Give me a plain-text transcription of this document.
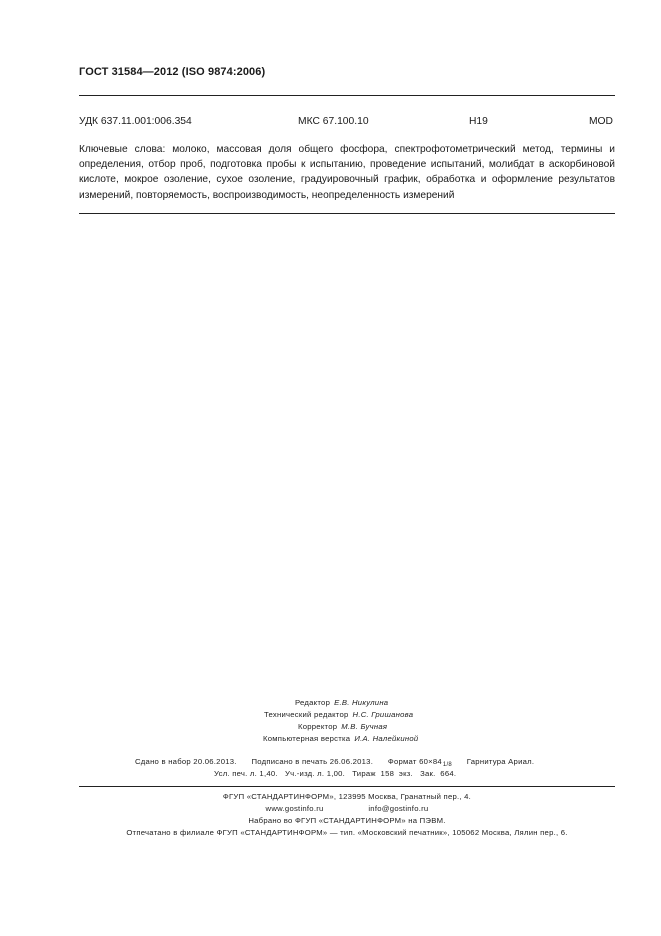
ГОСТ 31584—2012 (ISO 9874:2006)
УДК 637.11.001:006.354	МКС 67.100.10	H19	MOD
Ключевые слова: молоко, массовая доля общего фосфора, спектрофотометрический метод, термины и определения, отбор проб, подготовка пробы к испытанию, проведение испытаний, молибдат в аскорбиновой кислоте, мокрое озоление, сухое озоление, градуировочный график, обработка и оформление результатов измерений, повторяемость, воспроизводимость, неопределенность измерений
Редактор Е.В. Никулина
Технический редактор Н.С. Гришанова
Корректор М.В. Бучная
Компьютерная верстка И.А. Налейкиной
Сдано в набор 20.06.2013. Подписано в печать 26.06.2013. Формат $60\times 84_{1/8}$ Гарнитура Ариал.
Усл. печ. л. 1,40.   Уч.-изд. л. 1,00.   Тираж  158  экз.   Зак.  664.
ФГУП «СТАНДАРТИНФОРМ», 123995 Москва, Гранатный пер., 4.
www.gostinfo.ru	info@gostinfo.ru
Набрано во ФГУП «СТАНДАРТИНФОРМ» на ПЭВМ.
Отпечатано в филиале ФГУП «СТАНДАРТИНФОРМ» — тип. «Московский печатник», 105062 Москва, Лялин пер., 6.
